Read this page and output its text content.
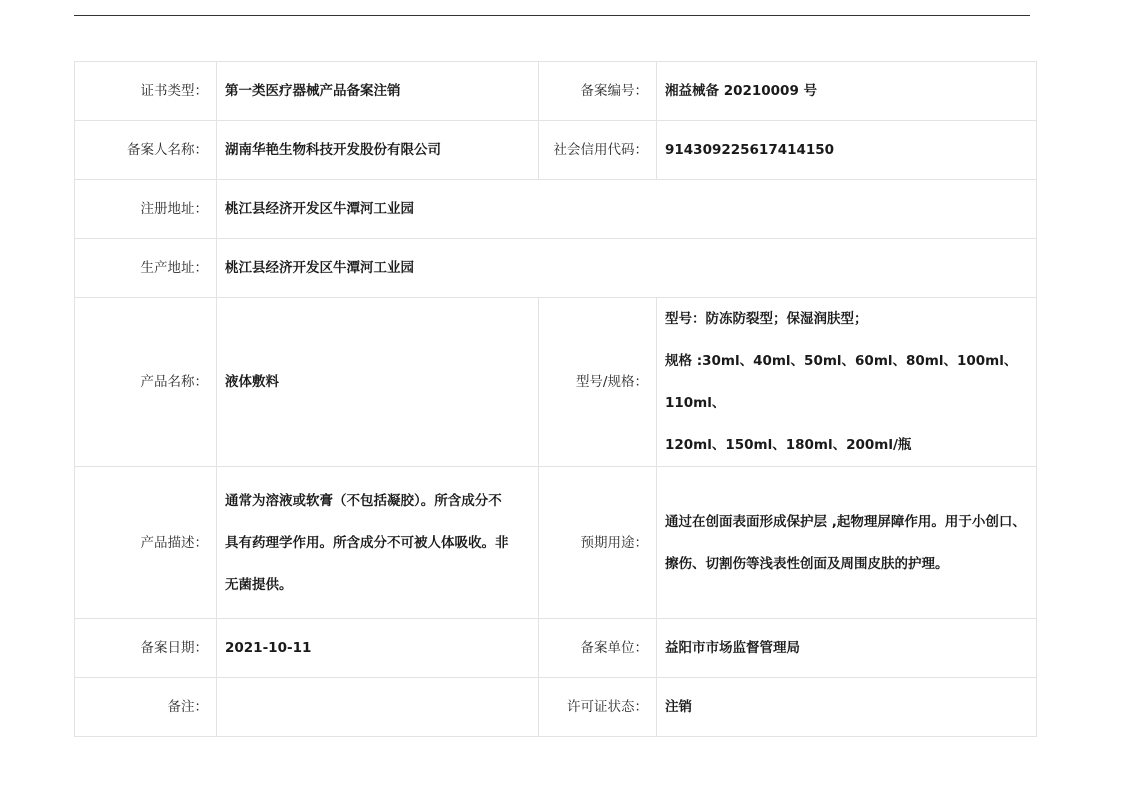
证书类型：	第一类医疗器械产品备案注销	备案编号：	湘益械备 20210009 号
备案人名称：	湖南华艳生物科技开发股份有限公司	社会信用代码：	914309225617414150
注册地址：	桃江县经济开发区牛潭河工业园		
生产地址：	桃江县经济开发区牛潭河工业园		
产品名称：	液体敷料	型号/规格：	型号：防冻防裂型；保湿润肤型；
规格 :30ml、40ml、50ml、60ml、80ml、100ml、110ml、
120ml、150ml、180ml、200ml/瓶

产品描述：	通常为溶液或软膏（不包括凝胶）。所含成分不
具有药理学作用。所含成分不可被人体吸收。非
无菌提供。	预期用途：	通过在创面表面形成保护层 ,起物理屏障作用。用于小创口、
擦伤、切割伤等浅表性创面及周围皮肤的护理。

备案日期：	2021-10-11	备案单位：	益阳市市场监督管理局
备注：		许可证状态：	注销
